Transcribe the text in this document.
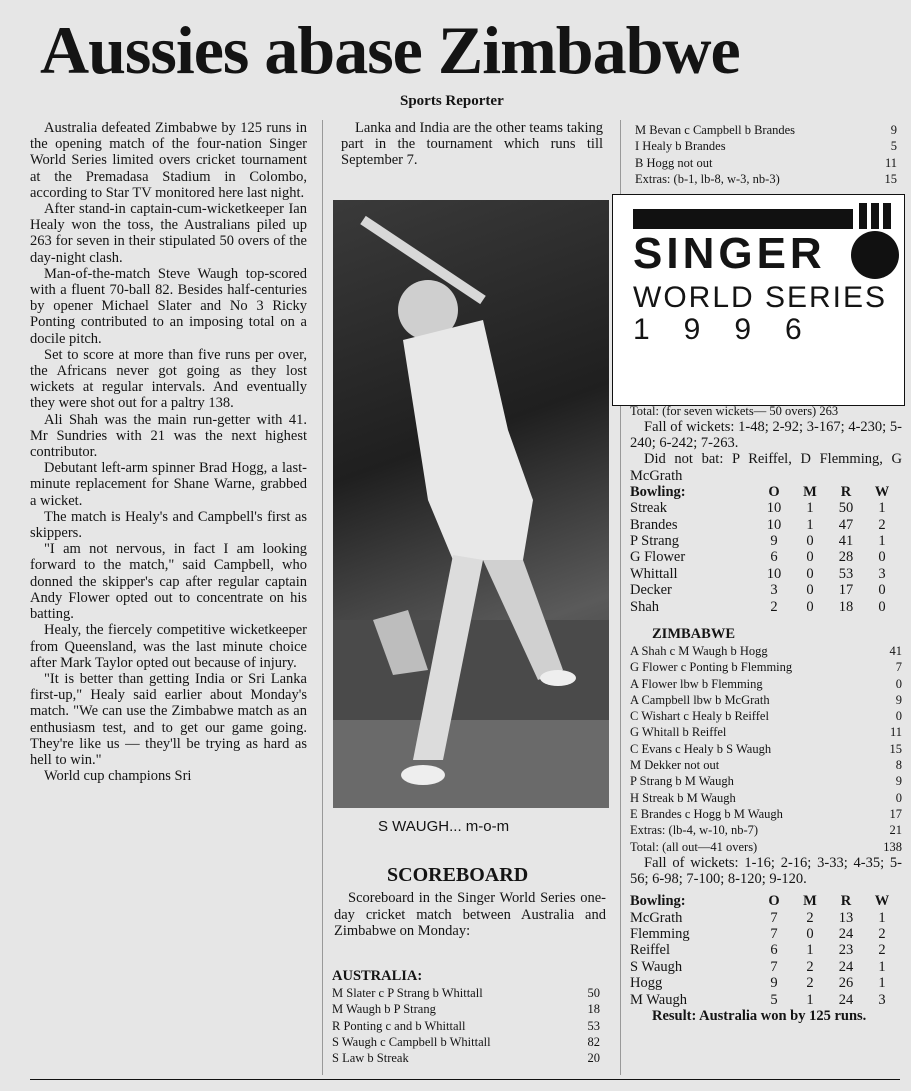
Aussies abase Zimbabwe
Sports Reporter

Australia defeated Zimbabwe by 125 runs in the opening match of the four-nation Singer World Series limited overs cricket tournament at the Premadasa Stadium in Colombo, according to Star TV monitored here last night.

After stand-in captain-cum-wicketkeeper Ian Healy won the toss, the Australians piled up 263 for seven in their stipulated 50 overs of the day-night clash.

Man-of-the-match Steve Waugh top-scored with a fluent 70-ball 82. Besides half-centuries by opener Michael Slater and No 3 Ricky Ponting contributed to an imposing total on a docile pitch.

Set to score at more than five runs per over, the Africans never got going as they lost wickets at regular intervals. And eventually they were shot out for a paltry 138.

Ali Shah was the main run-getter with 41. Mr Sundries with 21 was the next highest contributor.

Debutant left-arm spinner Brad Hogg, a last-minute replacement for Shane Warne, grabbed a wicket.

The match is Healy's and Campbell's first as skippers.

"I am not nervous, in fact I am looking forward to the match," said Campbell, who donned the skipper's cap after regular captain Andy Flower opted out to concentrate on his batting.

Healy, the fiercely competitive wicketkeeper from Queensland, was the last minute choice after Mark Taylor opted out because of injury.

"It is better than getting India or Sri Lanka first-up," Healy said earlier about Monday's match. "We can use the Zimbabwe match as an enthusiasm test, and to get our game going. They're like us — they'll be trying as hard as hell to win."

World cup champions Sri

Lanka and India are the other teams taking part in the tournament which runs till September 7.

S WAUGH... m-o-m
SCOREBOARD
Scoreboard in the Singer World Series one-day cricket match between Australia and Zimbabwe on Monday:
AUSTRALIA:
M Slater c P Strang b Whittall	50
M Waugh b P Strang	18
R Ponting c and b Whittall	53
S Waugh c Campbell b Whittall	82
S Law b Streak	20
M Bevan c Campbell b Brandes	9
I Healy b Brandes	5
B Hogg not out	11
Extras: (b-1, lb-8, w-3, nb-3)	15
SINGER
WORLD SERIES
1996
Total: (for seven wickets— 50 overs) 263
Fall of wickets: 1-48; 2-92; 3-167; 4-230; 5-240; 6-242; 7-263.
Did not bat: P Reiffel, D Flemming, G McGrath
Bowling:	O	M	R	W
Streak	10	1	50	1
Brandes	10	1	47	2
P Strang	9	0	41	1
G Flower	6	0	28	0
Whittall	10	0	53	3
Decker	3	0	17	0
Shah	2	0	18	0
ZIMBABWE
A Shah c M Waugh b Hogg	41
G Flower c Ponting b Flemming	7
A Flower lbw b Flemming	0
A Campbell lbw b McGrath	9
C Wishart c Healy b Reiffel	0
G Whitall b Reiffel	11
C Evans c Healy b S Waugh	15
M Dekker not out	8
P Strang b M Waugh	9
H Streak b M Waugh	0
E Brandes c Hogg b M Waugh	17
Extras: (lb-4, w-10, nb-7)	21
Total: (all out—41 overs)	138
Fall of wickets: 1-16; 2-16; 3-33; 4-35; 5-56; 6-98; 7-100; 8-120; 9-120.
Bowling:	O	M	R	W
McGrath	7	2	13	1
Flemming	7	0	24	2
Reiffel	6	1	23	2
S Waugh	7	2	24	1
Hogg	9	2	26	1
M Waugh	5	1	24	3
Result: Australia won by 125 runs.
